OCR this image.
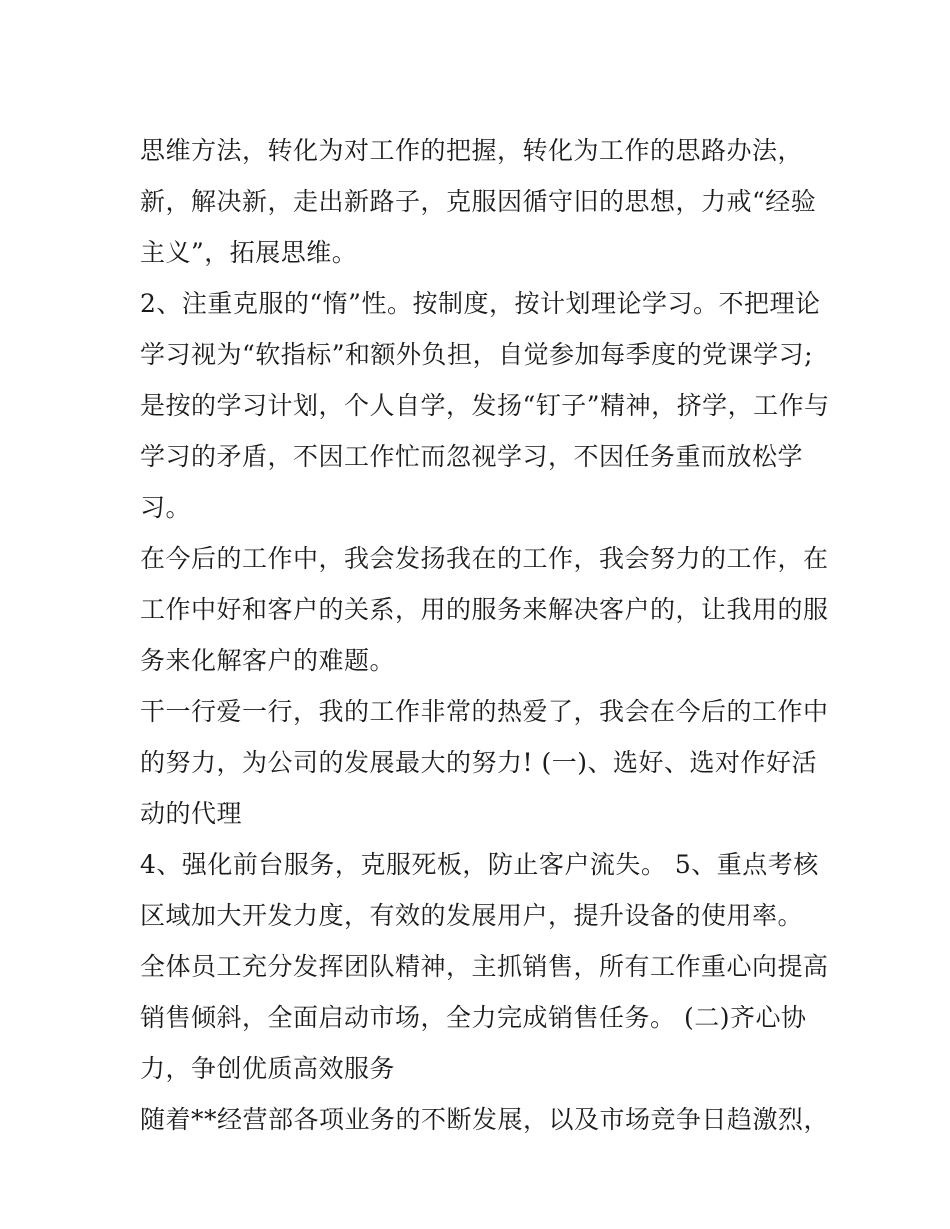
思维方法，转化为对工作的把握，转化为工作的思路办法，
新，解决新，走出新路子，克服因循守旧的思想，力戒“经验
主义”，拓展思维。
2、注重克服的“惰”性。按制度，按计划理论学习。不把理论
学习视为“软指标”和额外负担，自觉参加每季度的党课学习;
是按的学习计划，个人自学，发扬“钉子”精神，挤学，工作与
学习的矛盾，不因工作忙而忽视学习，不因任务重而放松学
习。
在今后的工作中，我会发扬我在的工作，我会努力的工作，在
工作中好和客户的关系，用的服务来解决客户的，让我用的服
务来化解客户的难题。
干一行爱一行，我的工作非常的热爱了，我会在今后的工作中
的努力，为公司的发展最大的努力! (一)、选好、选对作好活
动的代理
4、强化前台服务，克服死板，防止客户流失。 5、重点考核
区域加大开发力度，有效的发展用户，提升设备的使用率。
全体员工充分发挥团队精神，主抓销售，所有工作重心向提高
销售倾斜，全面启动市场，全力完成销售任务。 (二)齐心协
力，争创优质高效服务
随着**经营部各项业务的不断发展，以及市场竞争日趋激烈，
